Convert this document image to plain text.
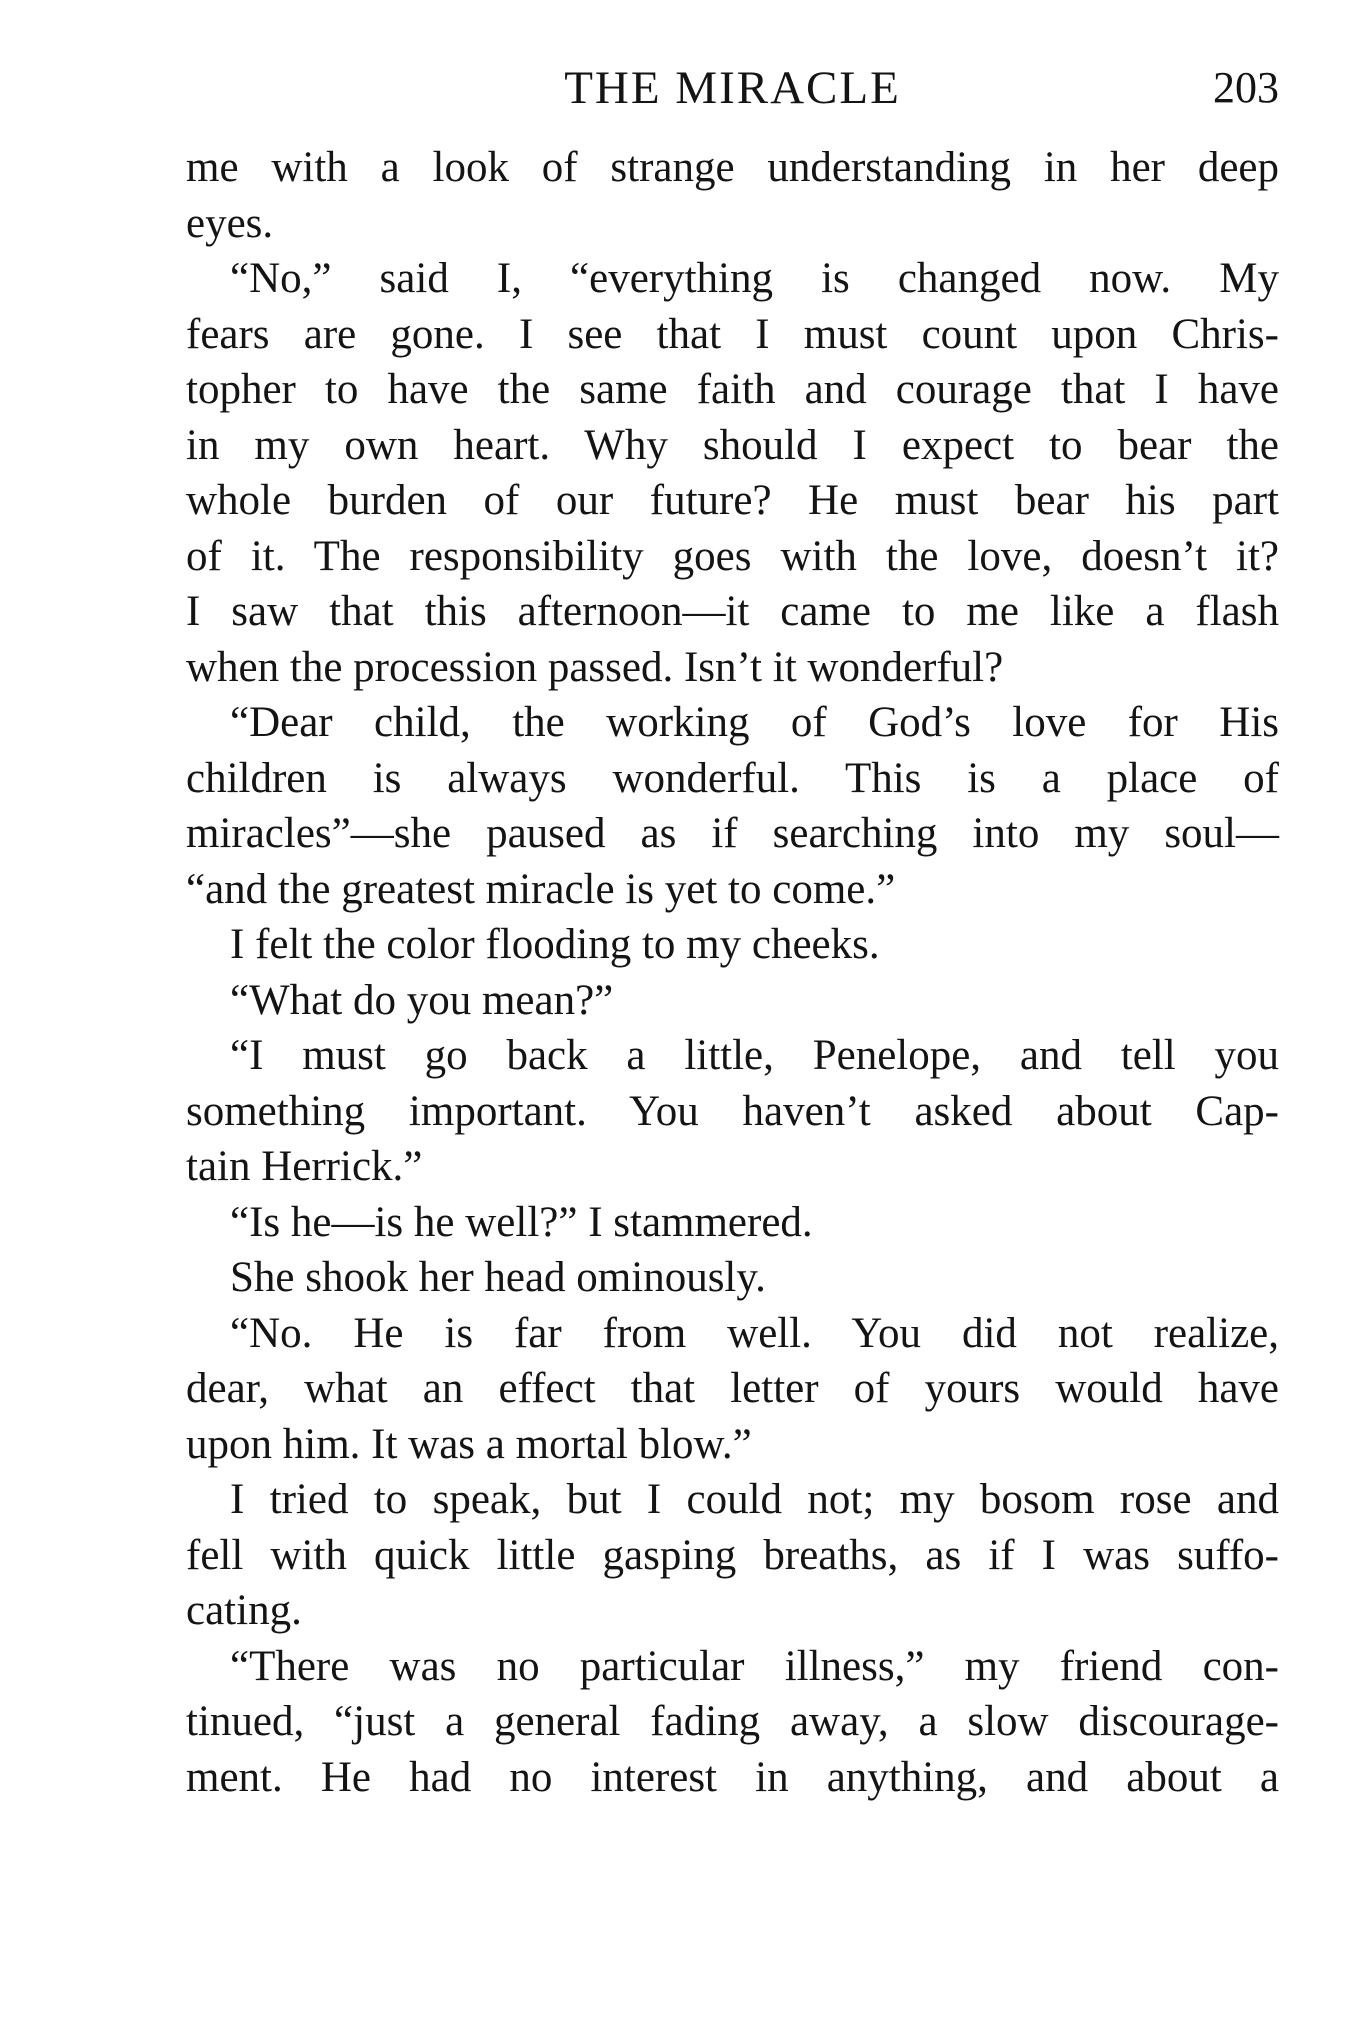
THE MIRACLE	203
me with a look of strange understanding in her deep
eyes.
“No,” said I, “everything is changed now. My
fears are gone. I see that I must count upon Chris-
topher to have the same faith and courage that I have
in my own heart. Why should I expect to bear the
whole burden of our future? He must bear his part
of it. The responsibility goes with the love, doesn’t it?
I saw that this afternoon—it came to me like a flash
when the procession passed. Isn’t it wonderful?
“Dear child, the working of God’s love for His
children is always wonderful. This is a place of
miracles”—she paused as if searching into my soul—
“and the greatest miracle is yet to come.”
I felt the color flooding to my cheeks.
“What do you mean?”
“I must go back a little, Penelope, and tell you
something important. You haven’t asked about Cap-
tain Herrick.”
“Is he—is he well?” I stammered.
She shook her head ominously.
“No. He is far from well. You did not realize,
dear, what an effect that letter of yours would have
upon him. It was a mortal blow.”
I tried to speak, but I could not; my bosom rose and
fell with quick little gasping breaths, as if I was suffo-
cating.
“There was no particular illness,” my friend con-
tinued, “just a general fading away, a slow discourage-
ment. He had no interest in anything, and about a
